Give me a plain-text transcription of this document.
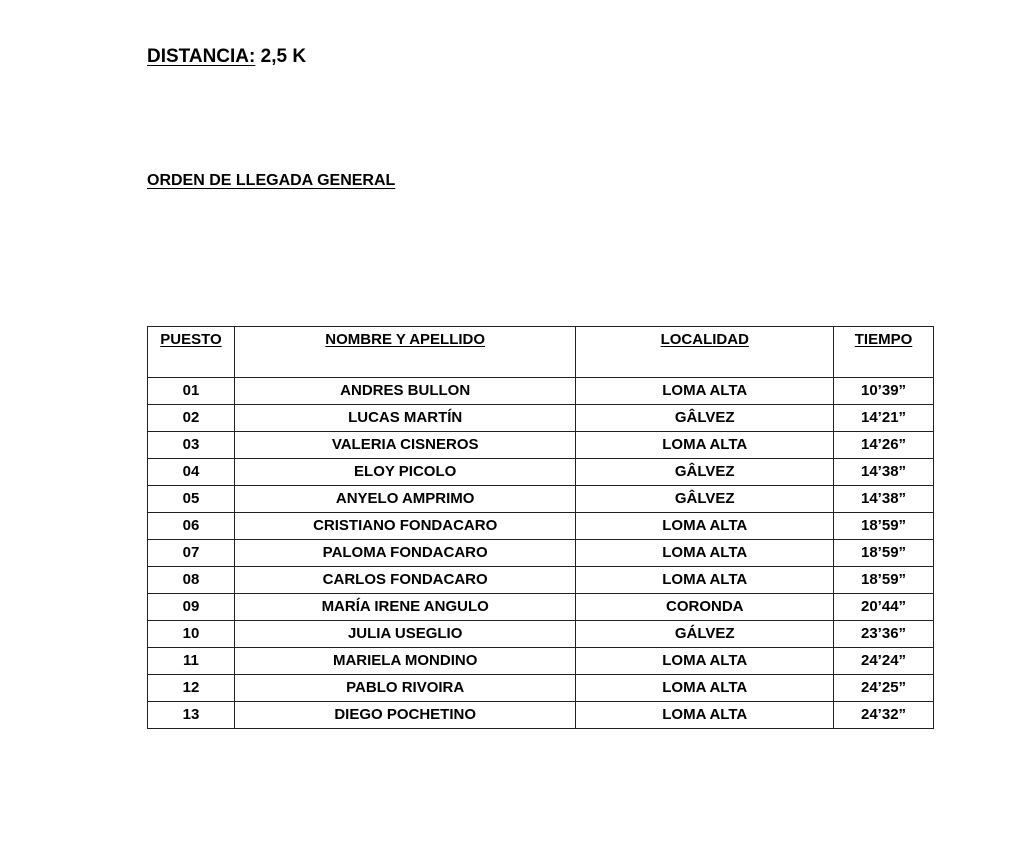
DISTANCIA: 2,5 K
ORDEN DE LLEGADA GENERAL
PUESTO	NOMBRE Y APELLIDO	LOCALIDAD	TIEMPO
01	ANDRES BULLON	LOMA ALTA	10’39”
02	LUCAS MARTÍN	GÂLVEZ	14’21”
03	VALERIA CISNEROS	LOMA ALTA	14’26”
04	ELOY PICOLO	GÂLVEZ	14’38”
05	ANYELO AMPRIMO	GÂLVEZ	14’38”
06	CRISTIANO FONDACARO	LOMA ALTA	18’59”
07	PALOMA FONDACARO	LOMA ALTA	18’59”
08	CARLOS FONDACARO	LOMA ALTA	18’59”
09	MARÍA IRENE ANGULO	CORONDA	20’44”
10	JULIA USEGLIO	GÁLVEZ	23’36”
11	MARIELA MONDINO	LOMA ALTA	24’24”
12	PABLO RIVOIRA	LOMA ALTA	24’25”
13	DIEGO POCHETINO	LOMA ALTA	24’32”
